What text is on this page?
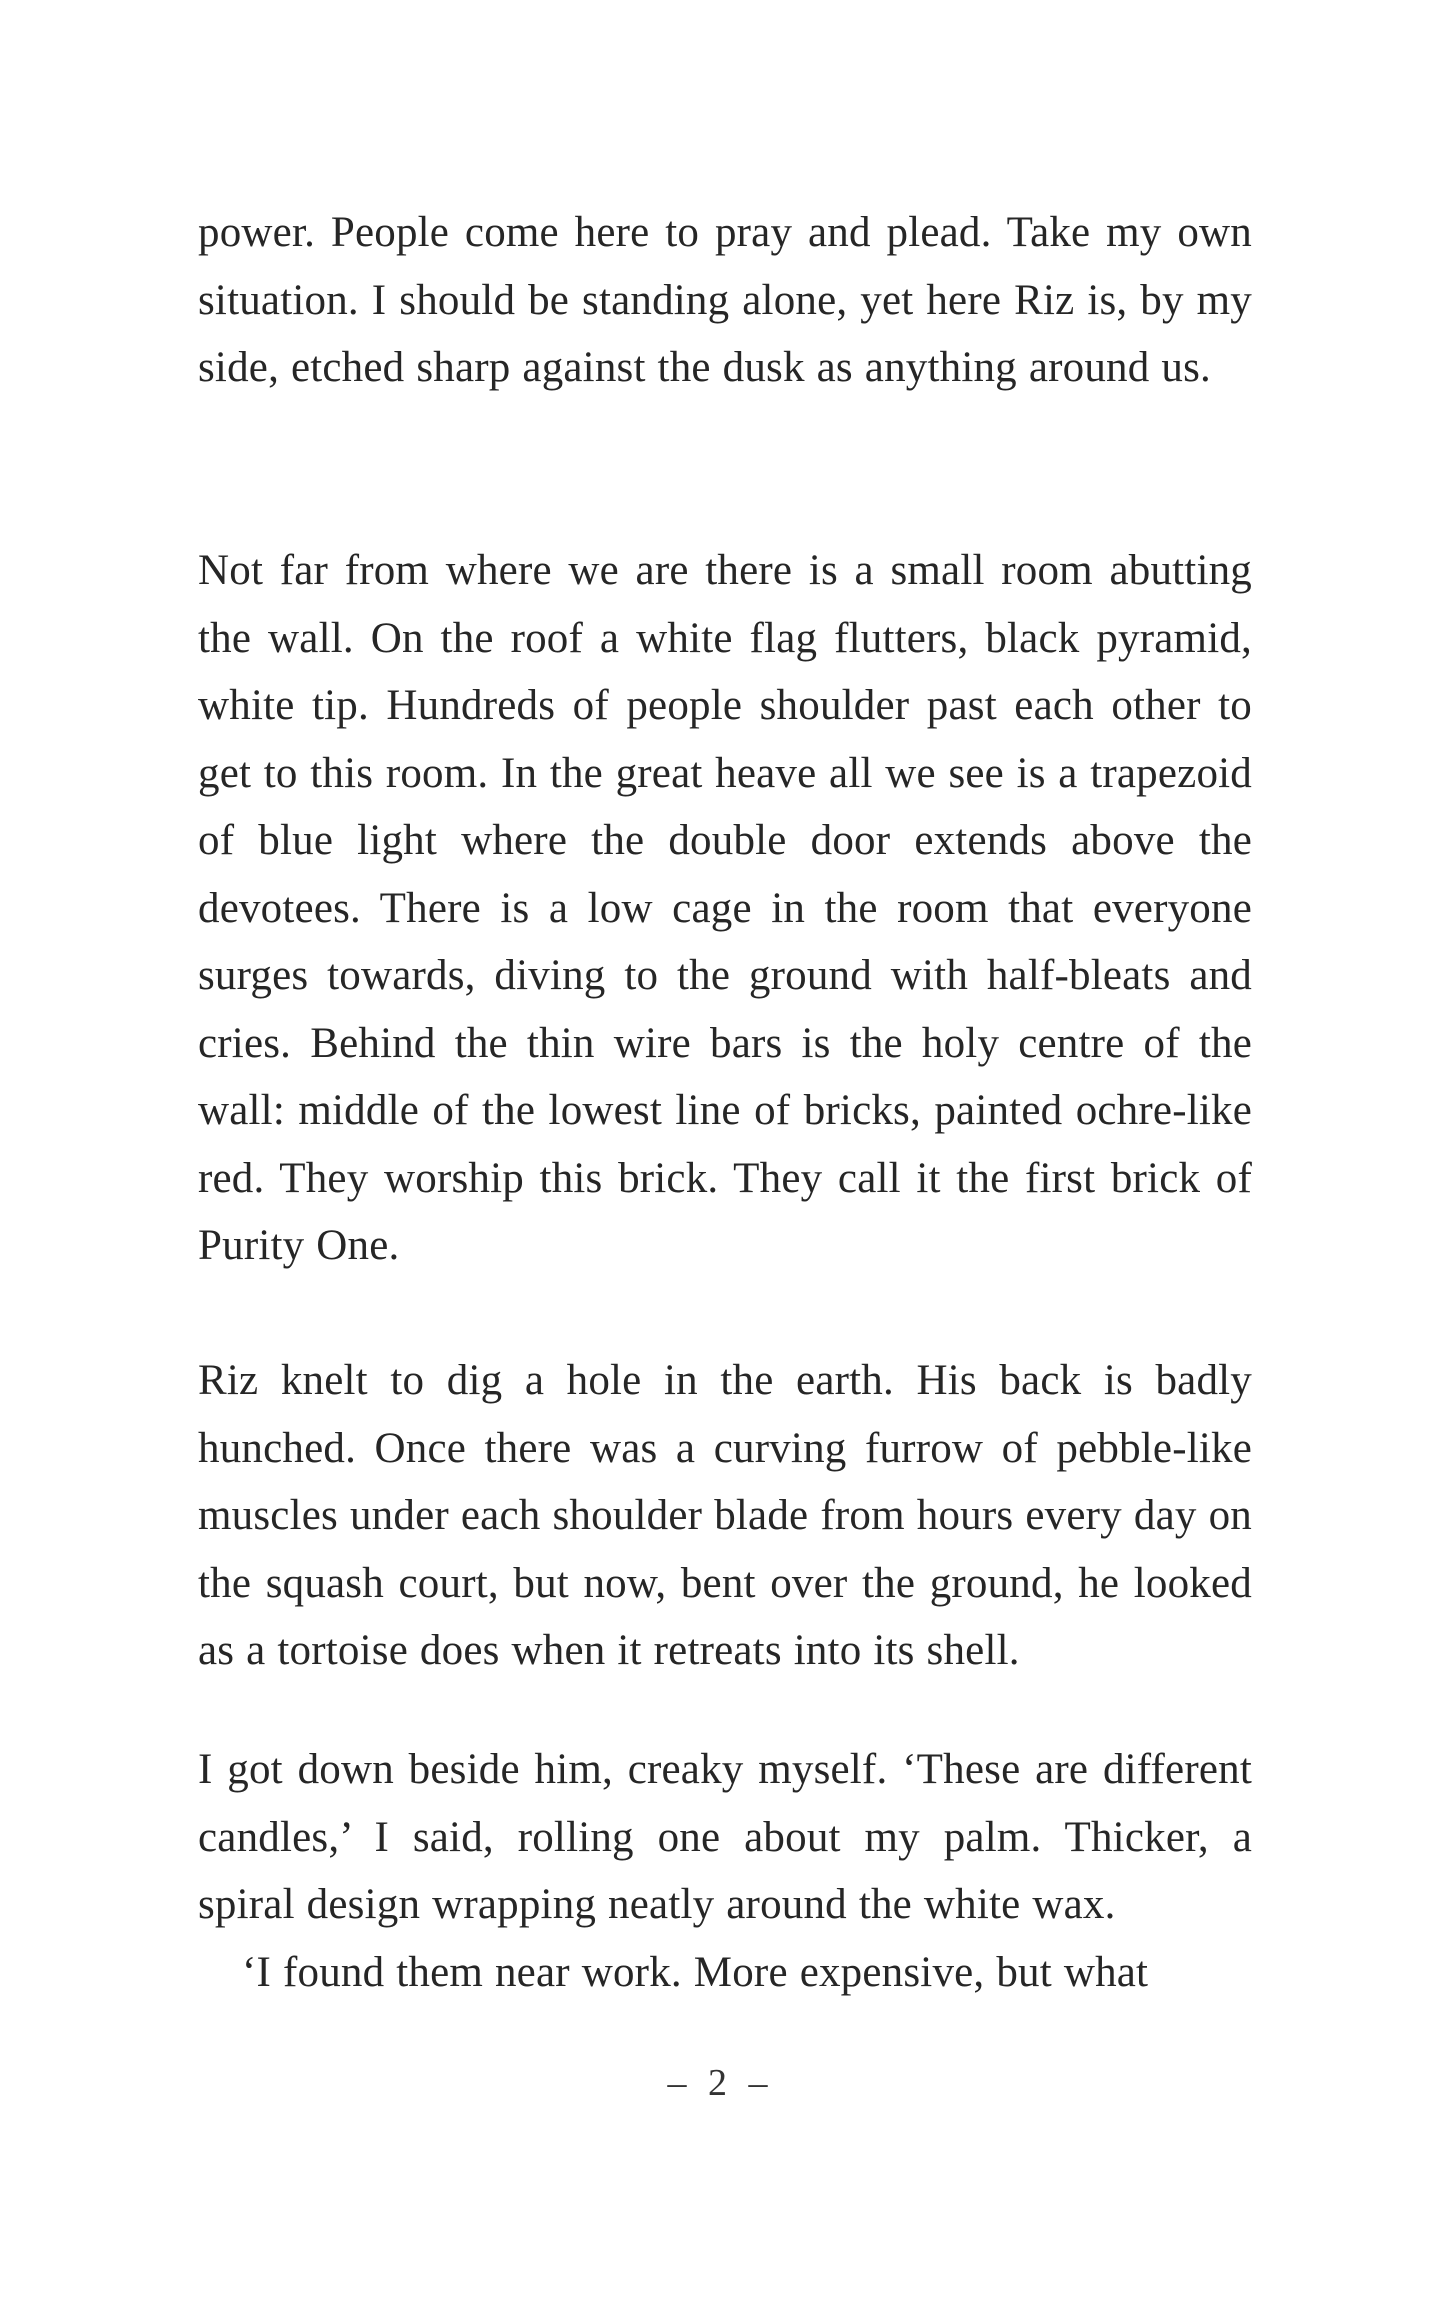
power. People come here to pray and plead. Take my own situation. I should be standing alone, yet here Riz is, by my side, etched sharp against the dusk as anything around us.

Not far from where we are there is a small room abutting the wall. On the roof a white flag flutters, black pyramid, white tip. Hundreds of people shoulder past each other to get to this room. In the great heave all we see is a trapezoid of blue light where the double door extends above the devotees. There is a low cage in the room that everyone surges towards, diving to the ground with half-bleats and cries. Behind the thin wire bars is the holy centre of the wall: middle of the lowest line of bricks, painted ochre-like red. They worship this brick. They call it the first brick of Purity One.

Riz knelt to dig a hole in the earth. His back is badly hunched. Once there was a curving furrow of pebble-like muscles under each shoulder blade from hours every day on the squash court, but now, bent over the ground, he looked as a tortoise does when it retreats into its shell.

I got down beside him, creaky myself. ‘These are different candles,’ I said, rolling one about my palm. Thicker, a spiral design wrapping neatly around the white wax.

‘I found them near work. More expensive, but what

– 2 –
